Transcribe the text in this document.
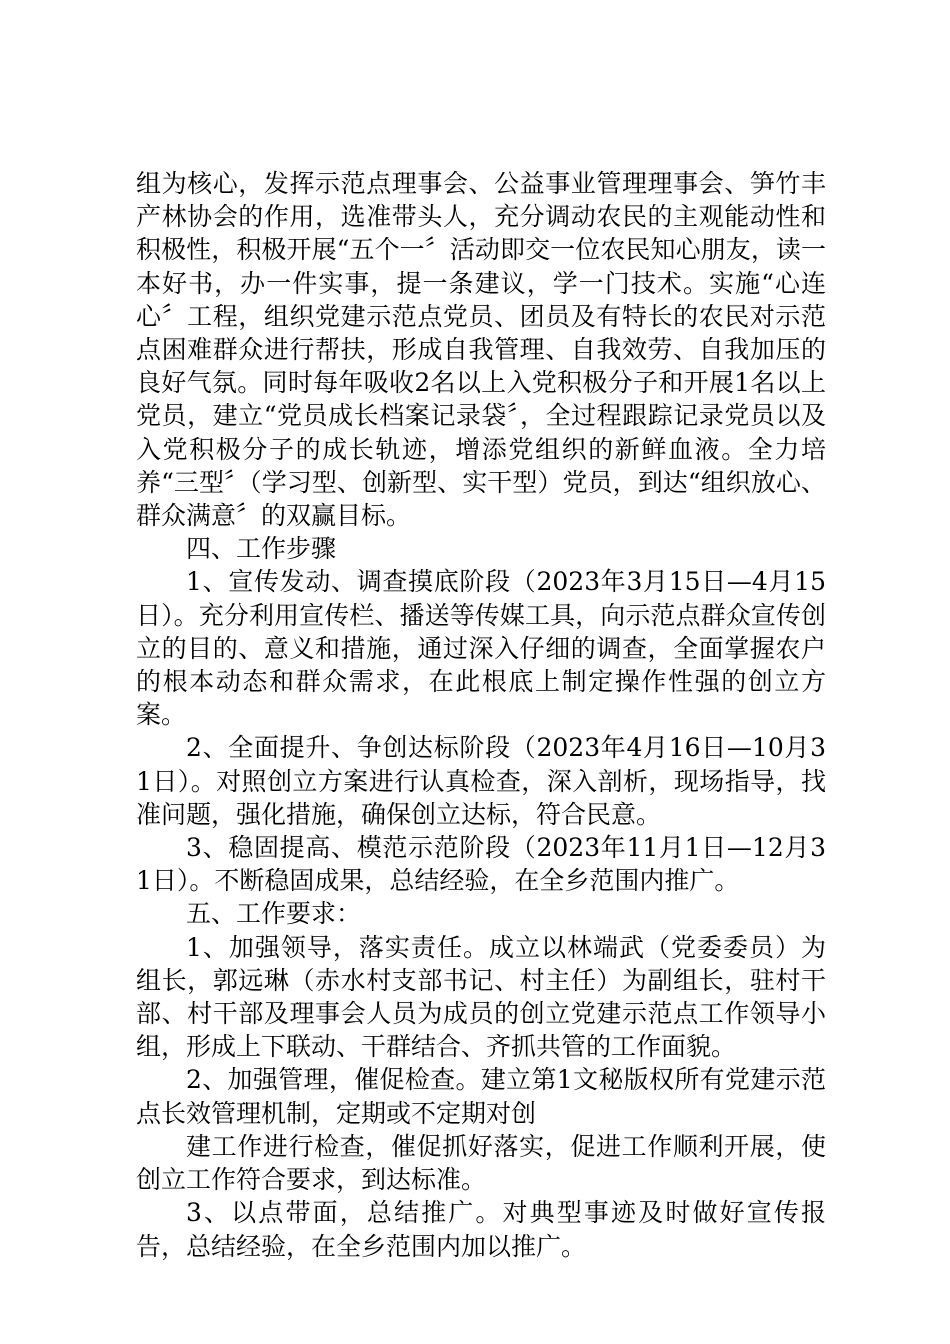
组为核心，发挥示范点理事会、公益事业管理理事会、笋竹丰产林协会的作用，选准带头人，充分调动农民的主观能动性和积极性，积极开展“五个一〞活动即交一位农民知心朋友，读一本好书，办一件实事，提一条建议，学一门技术。实施“心连心〞工程，组织党建示范点党员、团员及有特长的农民对示范点困难群众进行帮扶，形成自我管理、自我效劳、自我加压的良好气氛。同时每年吸收2名以上入党积极分子和开展1名以上党员，建立“党员成长档案记录袋〞，全过程跟踪记录党员以及入党积极分子的成长轨迹，增添党组织的新鲜血液。全力培养“三型〞（学习型、创新型、实干型）党员，到达“组织放心、群众满意〞的双赢目标。

四、工作步骤

1、宣传发动、调查摸底阶段（2023年3月15日—4月15日）。充分利用宣传栏、播送等传媒工具，向示范点群众宣传创立的目的、意义和措施，通过深入仔细的调查，全面掌握农户的根本动态和群众需求，在此根底上制定操作性强的创立方案。

2、全面提升、争创达标阶段（2023年4月16日—10月31日）。对照创立方案进行认真检查，深入剖析，现场指导，找准问题，强化措施，确保创立达标，符合民意。

3、稳固提高、模范示范阶段（2023年11月1日—12月31日）。不断稳固成果，总结经验，在全乡范围内推广。

五、工作要求：

1、加强领导，落实责任。成立以林端武（党委委员）为组长，郭远琳（赤水村支部书记、村主任）为副组长，驻村干部、村干部及理事会人员为成员的创立党建示范点工作领导小组，形成上下联动、干群结合、齐抓共管的工作面貌。

2、加强管理，催促检查。建立第1文秘版权所有党建示范点长效管理机制，定期或不定期对创

建工作进行检查，催促抓好落实，促进工作顺利开展，使创立工作符合要求，到达标准。

3、以点带面，总结推广。对典型事迹及时做好宣传报告，总结经验，在全乡范围内加以推广。
